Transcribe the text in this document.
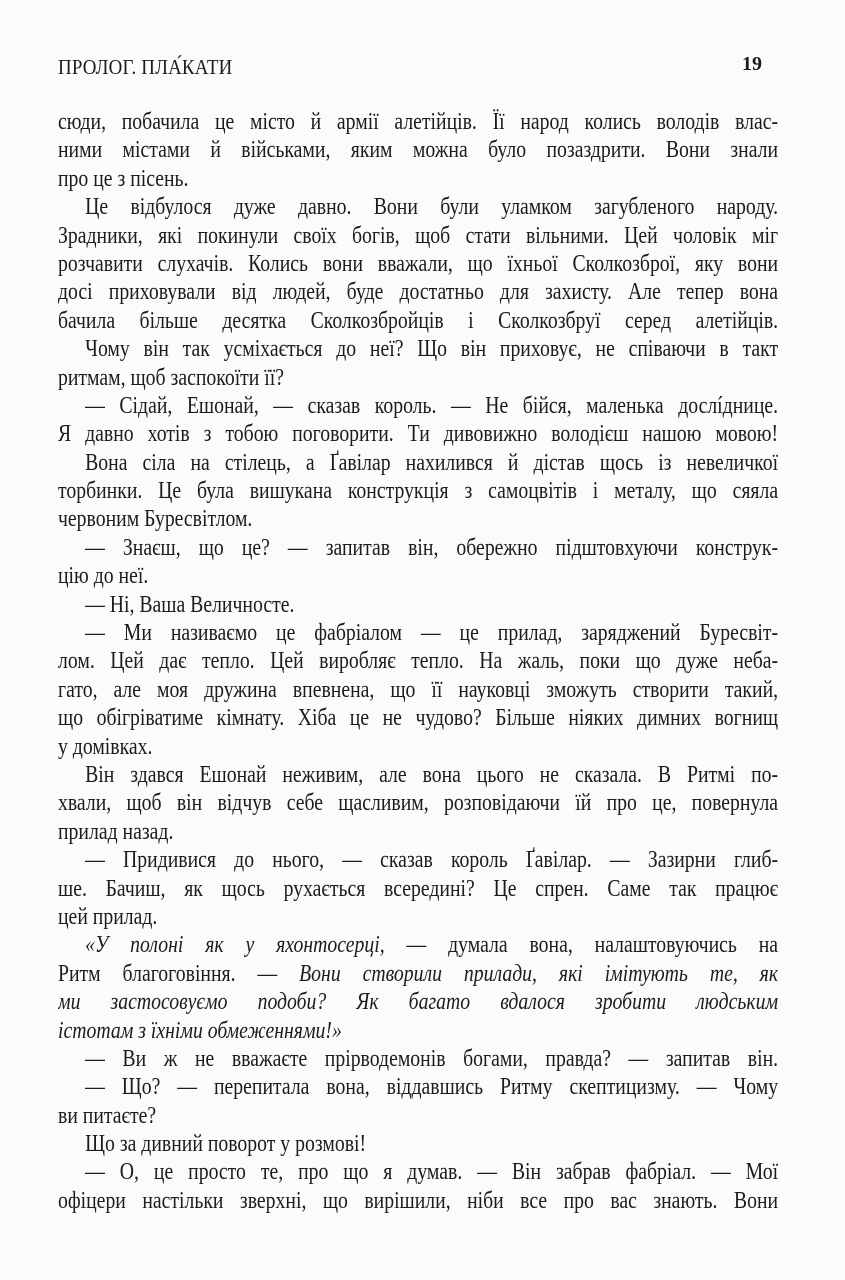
ПРОЛОГ. ПЛА́КАТИ	19
сюди, побачила це місто й армії алетійців. Її народ колись володів влас-
ними містами й військами, яким можна було позаздрити. Вони знали
про це з пісень.
Це відбулося дуже давно. Вони були уламком загубленого народу.
Зрадники, які покинули своїх богів, щоб стати вільними. Цей чоловік міг
розчавити слухачів. Колись вони вважали, що їхньої Сколкозброї, яку вони
досі приховували від людей, буде достатньо для захисту. Але тепер вона
бачила більше десятка Сколкозбройців і Сколкозбруї серед алетійців.
Чому він так усміхається до неї? Що він приховує, не співаючи в такт
ритмам, щоб заспокоїти її?
— Сідай, Ешонай, — сказав король. — Не бійся, маленька дослíднице.
Я давно хотів з тобою поговорити. Ти дивовижно володієш нашою мовою!
Вона сіла на стілець, а Ґавілар нахилився й дістав щось із невеличкої
торбинки. Це була вишукана конструкція з самоцвітів і металу, що сяяла
червоним Буресвітлом.
— Знаєш, що це? — запитав він, обережно підштовхуючи конструк-
цію до неї.
— Ні, Ваша Величносте.
— Ми називаємо це фабріалом — це прилад, заряджений Буресвіт-
лом. Цей дає тепло. Цей виробляє тепло. На жаль, поки що дуже неба-
гато, але моя дружина впевнена, що її науковці зможуть створити такий,
що обігріватиме кімнату. Хіба це не чудово? Більше ніяких димних вогнищ
у домівках.
Він здався Ешонай неживим, але вона цього не сказала. В Ритмі по-
хвали, щоб він відчув себе щасливим, розповідаючи їй про це, повернула
прилад назад.
— Придивися до нього, — сказав король Ґавілар. — Зазирни глиб-
ше. Бачиш, як щось рухається всередині? Це спрен. Саме так працює
цей прилад.
«У полоні як у яхонтосерці, — думала вона, налаштовуючись на
Ритм благоговіння. — Вони створили прилади, які імітують те, як
ми застосовуємо подоби? Як багато вдалося зробити людським
істотам з їхніми обмеженнями!»
— Ви ж не вважаєте прірводемонів богами, правда? — запитав він.
— Що? — перепитала вона, віддавшись Ритму скептицизму. — Чому
ви питаєте?
Що за дивний поворот у розмові!
— О, це просто те, про що я думав. — Він забрав фабріал. — Мої
офіцери настільки зверхні, що вирішили, ніби все про вас знають. Вони
